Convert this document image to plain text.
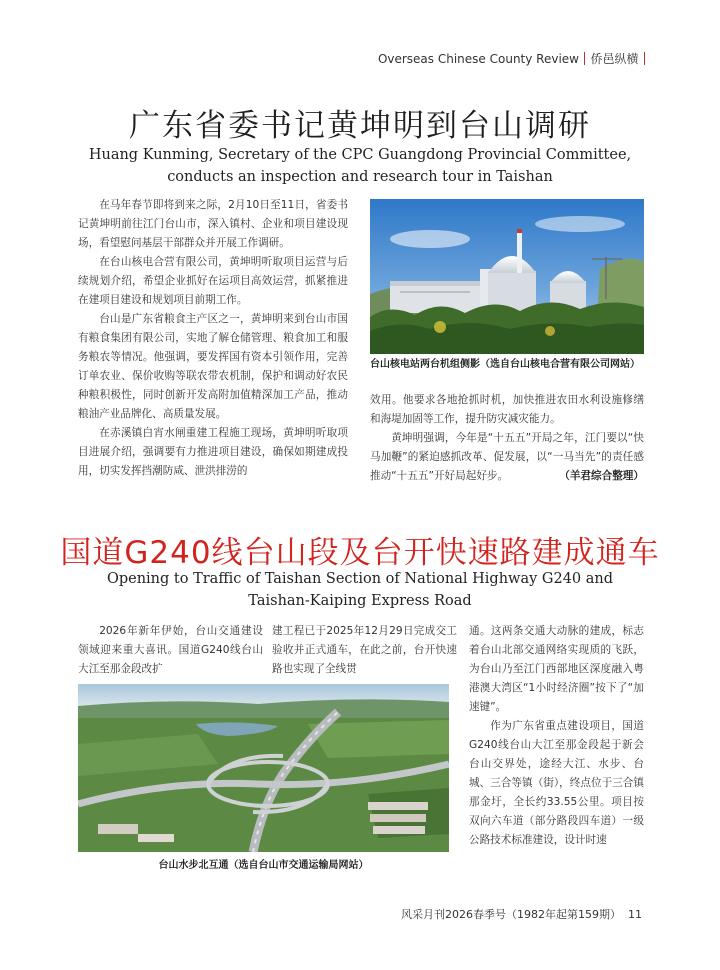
Overseas Chinese County Review 侨邑纵横
广东省委书记黄坤明到台山调研
Huang Kunming, Secretary of the CPC Guangdong Provincial Committee, conducts an inspection and research tour in Taishan

在马年春节即将到来之际，2月10日至11日，省委书记黄坤明前往江门台山市，深入镇村、企业和项目建设现场，看望慰问基层干部群众并开展工作调研。

在台山核电合营有限公司，黄坤明听取项目运营与后续规划介绍，希望企业抓好在运项目高效运营，抓紧推进在建项目建设和规划项目前期工作。

台山是广东省粮食主产区之一，黄坤明来到台山市国有粮食集团有限公司，实地了解仓储管理、粮食加工和服务粮农等情况。他强调，要发挥国有资本引领作用，完善订单农业、保价收购等联农带农机制，保护和调动好农民种粮积极性，同时创新开发高附加值精深加工产品，推动粮油产业品牌化、高质量发展。

在赤溪镇白宵水闸重建工程施工现场，黄坤明听取项目进展介绍，强调要有力推进项目建设，确保如期建成投用，切实发挥挡潮防咸、泄洪排涝的

台山核电站两台机组侧影（选自台山核电合营有限公司网站）

效用。他要求各地抢抓时机，加快推进农田水利设施修缮和海堤加固等工作，提升防灾减灾能力。

黄坤明强调，今年是“十五五”开局之年，江门要以“快马加鞭”的紧迫感抓改革、促发展，以“一马当先”的责任感推动“十五五”开好局起好步。	（羊君综合整理）

国道G240线台山段及台开快速路建成通车
Opening to Traffic of Taishan Section of National Highway G240 and
Taishan-Kaiping Express Road

2026年新年伊始，台山交通建设领域迎来重大喜讯。国道G240线台山大江至那金段改扩

建工程已于2025年12月29日完成交工验收并正式通车，在此之前，台开快速路也实现了全线贯

通。这两条交通大动脉的建成，标志着台山北部交通网络实现质的飞跃，为台山乃至江门西部地区深度融入粤港澳大湾区“1小时经济圈”按下了“加速键”。

作为广东省重点建设项目，国道G240线台山大江至那金段起于新会台山交界处，途经大江、水步、台城、三合等镇（街），终点位于三合镇那金圩，全长约33.55公里。项目按双向六车道（部分路段四车道）一级公路技术标准建设，设计时速

台山水步北互通（选自台山市交通运输局网站）
风采月刊2026春季号（1982年起第159期） 11
